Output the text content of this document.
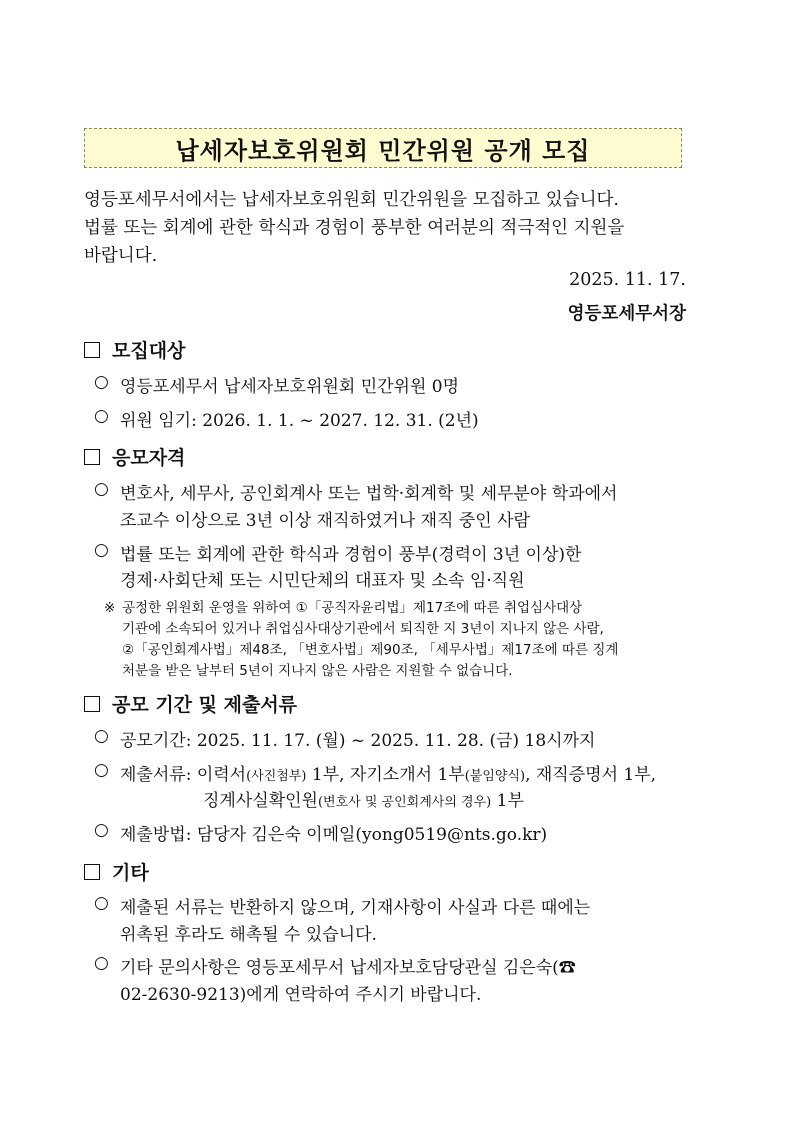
납세자보호위원회 민간위원 공개 모집
영등포세무서에서는 납세자보호위원회 민간위원을 모집하고 있습니다.
법률 또는 회계에 관한 학식과 경험이 풍부한 여러분의 적극적인 지원을
바랍니다.
2025. 11. 17.
영등포세무서장
모집대상
○ 영등포세무서 납세자보호위원회 민간위원 0명
○ 위원 임기: 2026. 1. 1. ~ 2027. 12. 31. (2년)
응모자격
○ 변호사, 세무사, 공인회계사 또는 법학·회계학 및 세무분야 학과에서
조교수 이상으로 3년 이상 재직하였거나 재직 중인 사람
○ 법률 또는 회계에 관한 학식과 경험이 풍부(경력이 3년 이상)한
경제·사회단체 또는 시민단체의 대표자 및 소속 임·직원
※ 공정한 위원회 운영을 위하여 ①「공직자윤리법」제17조에 따른 취업심사대상
기관에 소속되어 있거나 취업심사대상기관에서 퇴직한 지 3년이 지나지 않은 사람,
②「공인회계사법」제48조, 「변호사법」제90조, 「세무사법」제17조에 따른 징계
처분을 받은 날부터 5년이 지나지 않은 사람은 지원할 수 없습니다.
공모 기간 및 제출서류
○ 공모기간: 2025. 11. 17. (월) ~ 2025. 11. 28. (금) 18시까지
○ 제출서류: 이력서(사진첨부) 1부, 자기소개서 1부(붙임양식), 재직증명서 1부,
징계사실확인원(변호사 및 공인회계사의 경우) 1부
○ 제출방법: 담당자 김은숙 이메일(yong0519@nts.go.kr)
기타
○ 제출된 서류는 반환하지 않으며, 기재사항이 사실과 다른 때에는
위촉된 후라도 해촉될 수 있습니다.
○ 기타 문의사항은 영등포세무서 납세자보호담당관실 김은숙(☎
02-2630-9213)에게 연락하여 주시기 바랍니다.
